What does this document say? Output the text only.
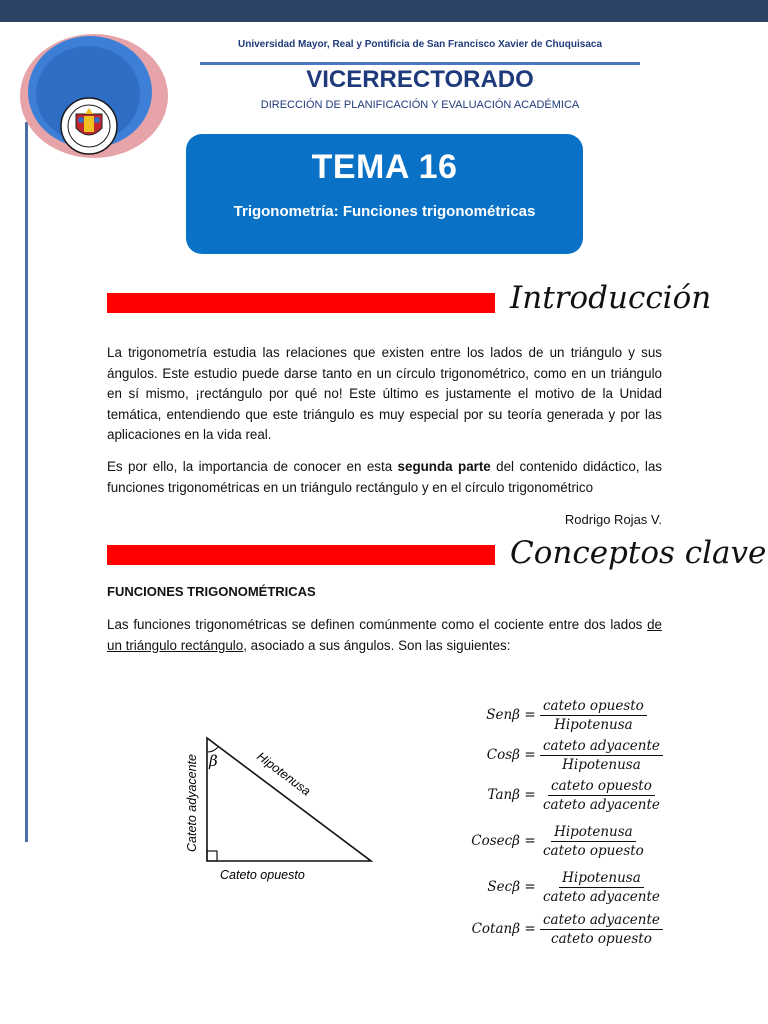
Universidad Mayor, Real y Pontificia de San Francisco Xavier de Chuquisaca
VICERRECTORADO
DIRECCIÓN DE PLANIFICACIÓN Y EVALUACIÓN ACADÉMICA
TEMA 16
Trigonometría: Funciones trigonométricas
Introducción
La trigonometría estudia las relaciones que existen entre los lados de un triángulo y sus ángulos. Este estudio puede darse tanto en un círculo trigonométrico, como en un triángulo en sí mismo, ¡rectángulo por qué no! Este último es justamente el motivo de la Unidad temática, entendiendo que este triángulo es muy especial por su teoría generada y por las aplicaciones en la vida real.
Es por ello, la importancia de conocer en esta segunda parte del contenido didáctico, las funciones trigonométricas en un triángulo rectángulo y en el círculo trigonométrico
Rodrigo Rojas V.
Conceptos clave
FUNCIONES TRIGONOMÉTRICAS
Las funciones trigonométricas se definen comúnmente como el cociente entre dos lados de un triángulo rectángulo, asociado a sus ángulos. Son las siguientes:
β
Cateto adyacente	Hipotenusa
Cateto opuesto
$Sen\beta = \frac{\text{cateto opuesto}}{\text{Hipotenusa}}$
$Cos\beta = \frac{\text{cateto adyacente}}{\text{Hipotenusa}}$
$Tan\beta = \frac{\text{cateto opuesto}}{\text{cateto adyacente}}$
$Cosec\beta = \frac{\text{Hipotenusa}}{\text{cateto opuesto}}$
$Sec\beta = \frac{\text{Hipotenusa}}{\text{cateto adyacente}}$
$Cotan\beta = \frac{\text{cateto adyacente}}{\text{cateto opuesto}}$
